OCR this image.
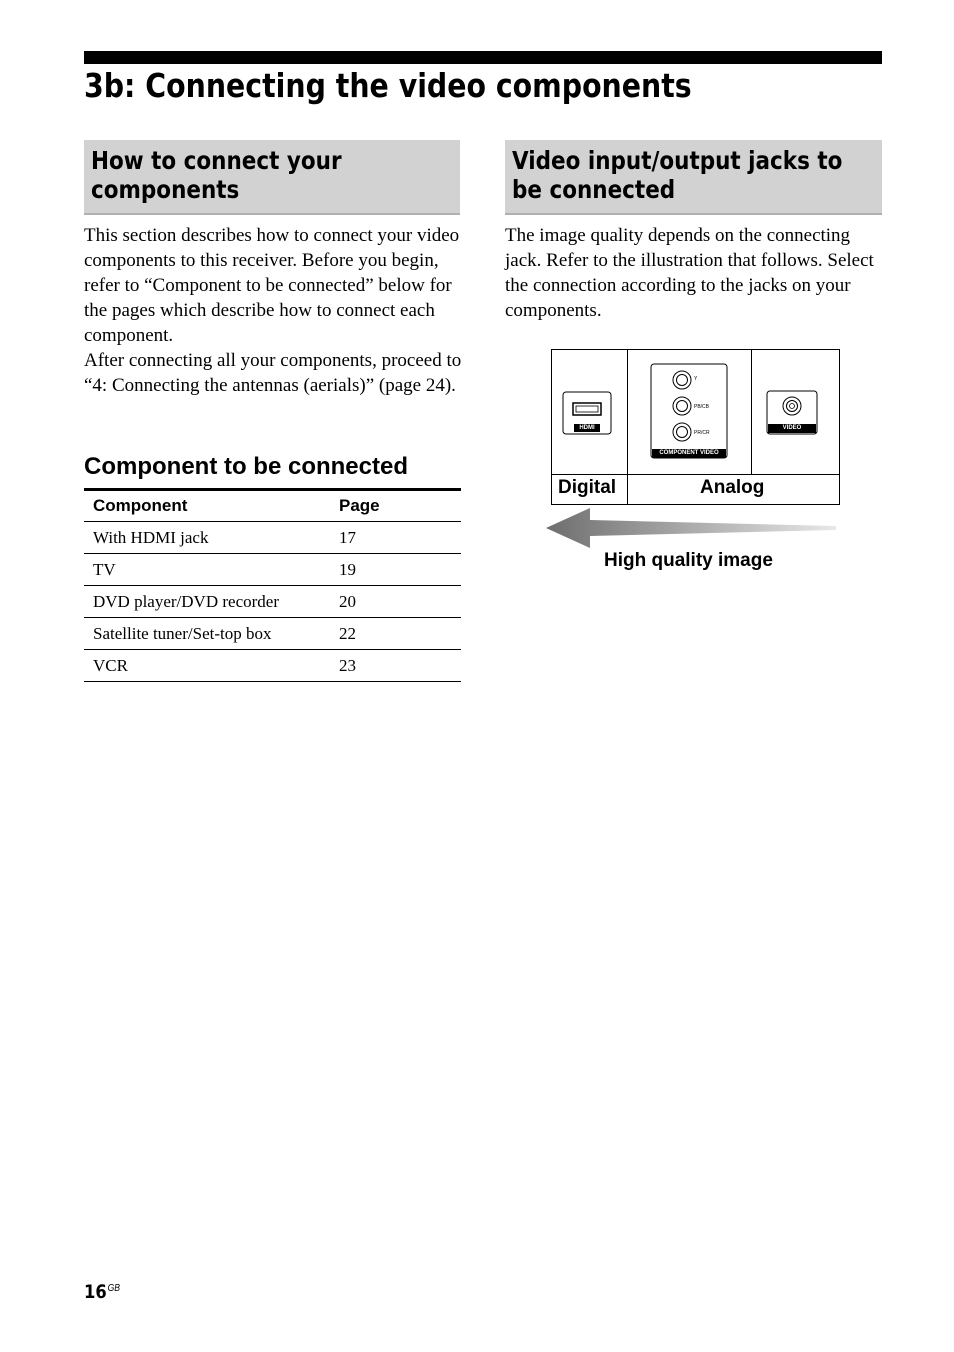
3b: Connecting the video components
How to connect your components

This section describes how to connect your video components to this receiver. Before you begin, refer to “Component to be connected” below for the pages which describe how to connect each component.

After connecting all your components, proceed to “4: Connecting the antennas (aerials)” (page 24).

Component to be connected
Component	Page
With HDMI jack	17
TV	19
DVD player/DVD recorder	20
Satellite tuner/Set-top box	22
VCR	23
Video input/output jacks to be connected

The image quality depends on the connecting jack. Refer to the illustration that follows. Select the connection according to the jacks on your components.

HDMI
COMPONENT VIDEO
VIDEO
Y
PB/CB
PR/CR
Digital	Analog
High quality image
$16^{GB}$
